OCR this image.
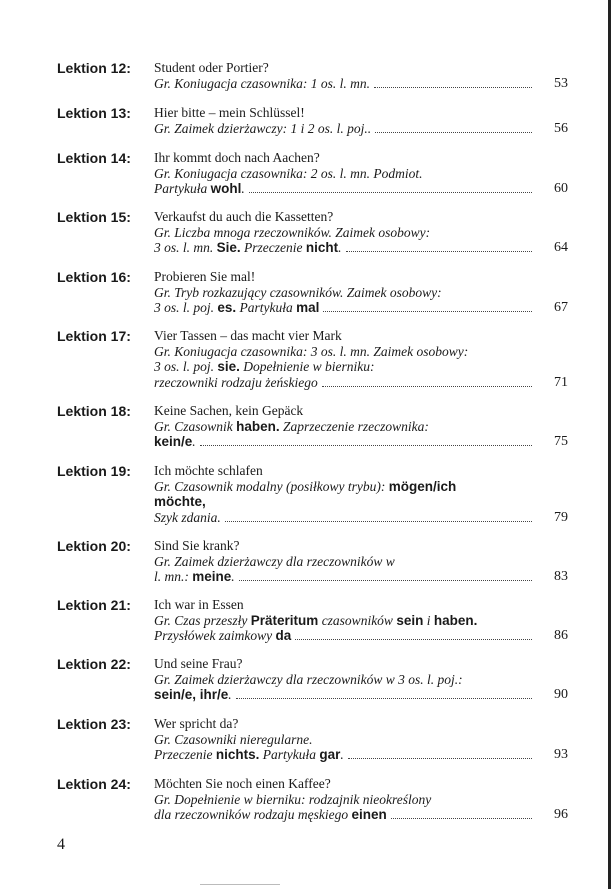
Lektion 12: Student oder Portier?
Gr. Koniugacja czasownika: 1 os. l. mn.	53
Lektion 13: Hier bitte – mein Schlüssel!
Gr. Zaimek dzierżawczy: 1 i 2 os. l. poj..	56
Lektion 14: Ihr kommt doch nach Aachen?
Gr. Koniugacja czasownika: 2 os. l. mn. Podmiot.
Partykuła wohl.	60
Lektion 15: Verkaufst du auch die Kassetten?
Gr. Liczba mnoga rzeczowników. Zaimek osobowy:
3 os. l. mn. Sie. Przeczenie nicht.	64
Lektion 16: Probieren Sie mal!
Gr. Tryb rozkazujący czasowników. Zaimek osobowy:
3 os. l. poj. es. Partykuła mal	67
Lektion 17: Vier Tassen – das macht vier Mark
Gr. Koniugacja czasownika: 3 os. l. mn. Zaimek osobowy:
3 os. l. poj. sie. Dopełnienie w bierniku:
rzeczowniki rodzaju żeńskiego	71
Lektion 18: Keine Sachen, kein Gepäck
Gr. Czasownik haben. Zaprzeczenie rzeczownika:
kein/e.	75
Lektion 19: Ich möchte schlafen
Gr. Czasownik modalny (posiłkowy trybu): mögen/ich
möchte,
Szyk zdania.	79
Lektion 20: Sind Sie krank?
Gr. Zaimek dzierżawczy dla rzeczowników w
l. mn.: meine.	83
Lektion 21: Ich war in Essen
Gr. Czas przeszły Präteritum czasowników sein i haben.
Przysłówek zaimkowy da	86
Lektion 22: Und seine Frau?
Gr. Zaimek dzierżawczy dla rzeczowników w 3 os. l. poj.:
sein/e, ihr/e.	90
Lektion 23: Wer spricht da?
Gr. Czasowniki nieregularne.
Przeczenie nichts. Partykuła gar.	93
Lektion 24: Möchten Sie noch einen Kaffee?
Gr. Dopełnienie w bierniku: rodzajnik nieokreślony
dla rzeczowników rodzaju męskiego einen	96
4
